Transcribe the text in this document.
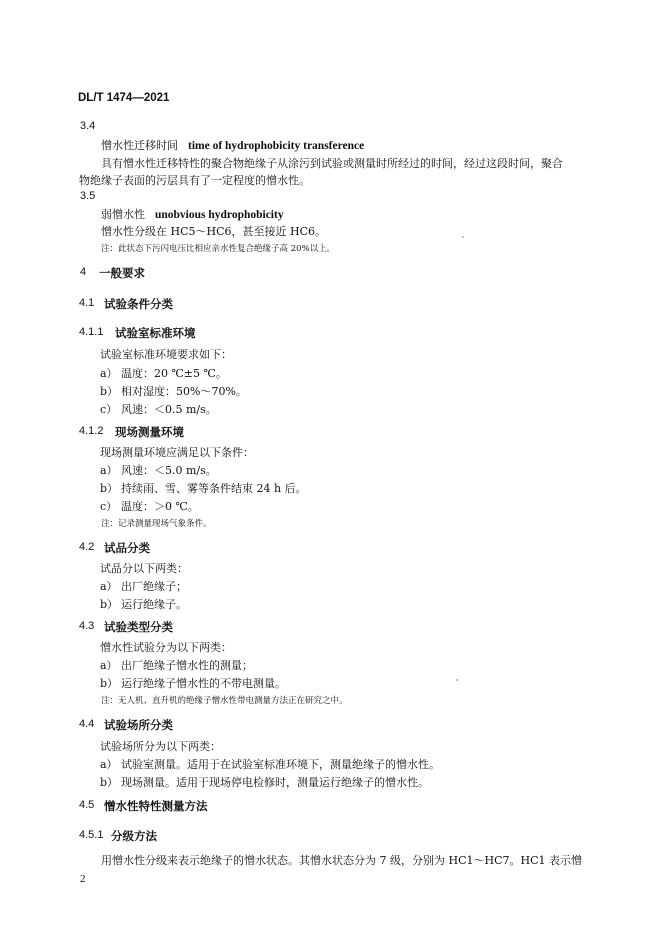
DL/T 1474—2021
3.4
憎水性迁移时间 time of hydrophobicity transference
具有憎水性迁移特性的聚合物绝缘子从涂污到试验或测量时所经过的时间，经过这段时间，聚合
物绝缘子表面的污层具有了一定程度的憎水性。
3.5
弱憎水性 unobvious hydrophobicity
憎水性分级在 HC5～HC6，甚至接近 HC6。
注：此状态下污闪电压比相应亲水性复合绝缘子高 20%以上。
4 一般要求
4.1 试验条件分类
4.1.1 试验室标准环境
试验室标准环境要求如下：
a） 温度：20 ℃±5 ℃。
b） 相对湿度：50%～70%。
c） 风速：＜0.5 m/s。
4.1.2 现场测量环境
现场测量环境应满足以下条件：
a） 风速：＜5.0 m/s。
b） 持续雨、雪、雾等条件结束 24 h 后。
c） 温度：＞0 ℃。
注：记录测量现场气象条件。
4.2 试品分类
试品分以下两类：
a） 出厂绝缘子；
b） 运行绝缘子。
4.3 试验类型分类
憎水性试验分为以下两类：
a） 出厂绝缘子憎水性的测量；
b） 运行绝缘子憎水性的不带电测量。
注：无人机、直升机的绝缘子憎水性带电测量方法正在研究之中。
4.4 试验场所分类
试验场所分为以下两类：
a） 试验室测量。适用于在试验室标准环境下，测量绝缘子的憎水性。
b） 现场测量。适用于现场停电检修时，测量运行绝缘子的憎水性。
4.5 憎水性特性测量方法
4.5.1 分级方法
用憎水性分级来表示绝缘子的憎水状态。其憎水状态分为 7 级，分别为 HC1～HC7。HC1 表示憎
2
